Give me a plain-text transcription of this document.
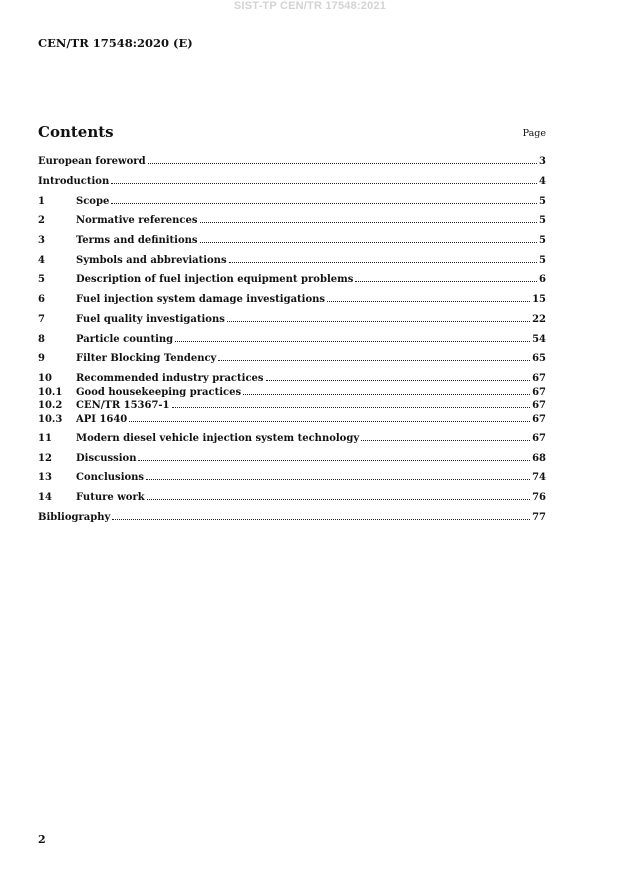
SIST-TP CEN/TR 17548:2021
CEN/TR 17548:2020 (E)
Contents	Page
European foreword	3
Introduction	4
1	Scope	5
2	Normative references	5
3	Terms and definitions	5
4	Symbols and abbreviations	5
5	Description of fuel injection equipment problems	6
6	Fuel injection system damage investigations	15
7	Fuel quality investigations	22
8	Particle counting	54
9	Filter Blocking Tendency	65
10	Recommended industry practices	67
10.1	Good housekeeping practices	67
10.2	CEN/TR 15367-1	67
10.3	API 1640	67
11	Modern diesel vehicle injection system technology	67
12	Discussion	68
13	Conclusions	74
14	Future work	76
Bibliography	77
2
